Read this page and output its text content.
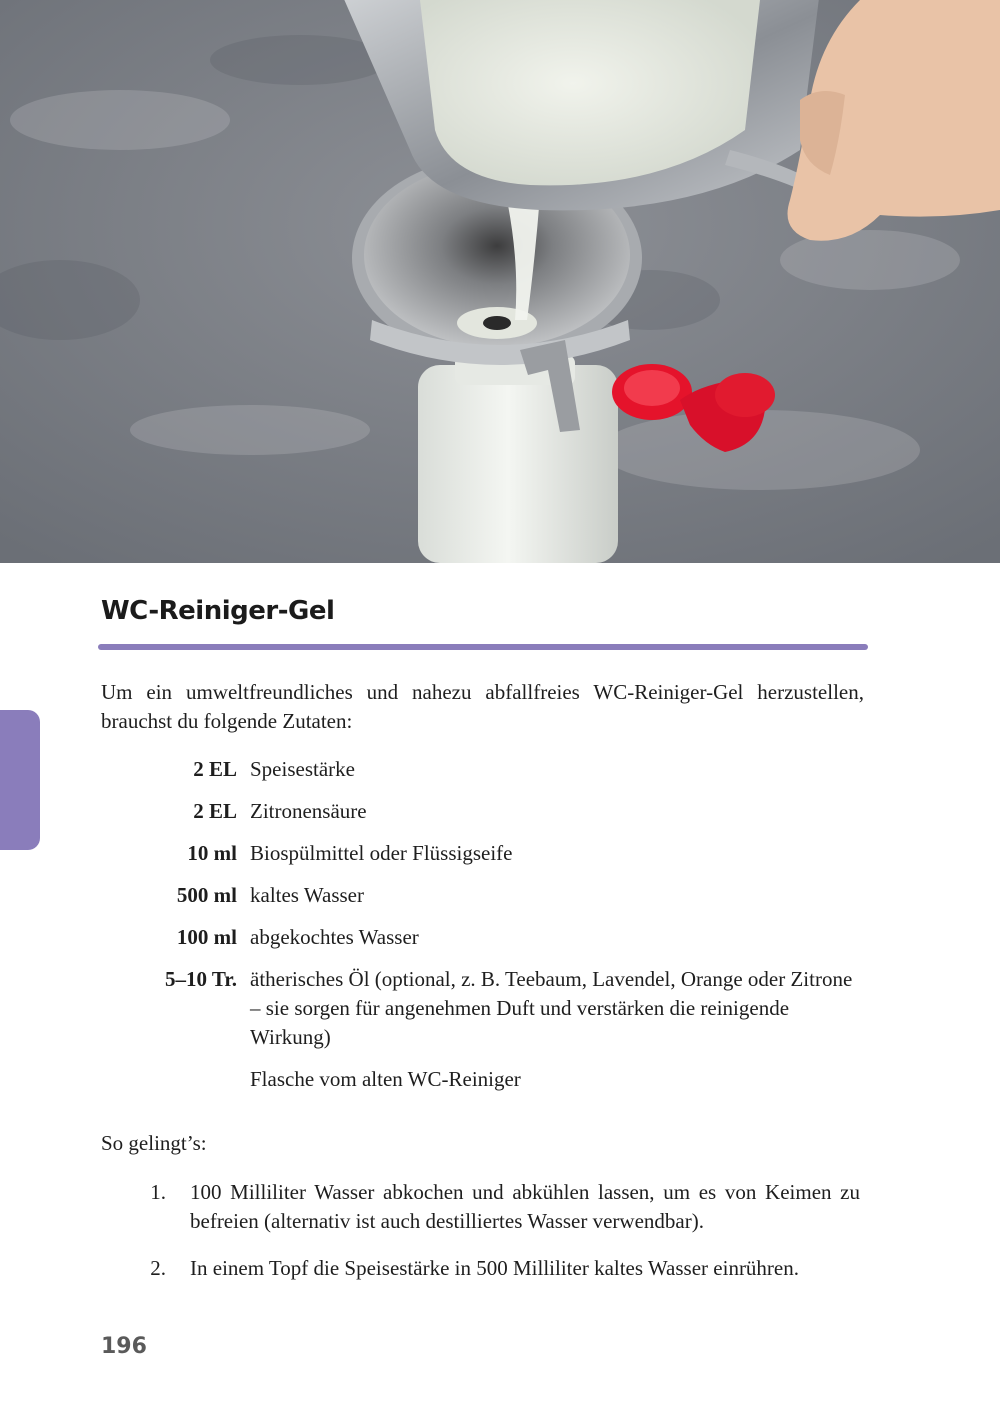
WC-Reiniger-Gel

Um ein umweltfreundliches und nahezu abfallfreies WC-Reiniger-Gel herzustellen, brauchst du folgende Zutaten:

2 EL Speisestärke
2 EL Zitronensäure
10 ml Biospülmittel oder Flüssigseife
500 ml kaltes Wasser
100 ml abgekochtes Wasser
5–10 Tr. ätherisches Öl (optional, z. B. Teebaum, Lavendel, Orange oder Zitrone – sie sorgen für angenehmen Duft und verstärken die reinigende Wirkung)
Flasche vom alten WC-Reiniger

So gelingt’s:

1. 100 Milliliter Wasser abkochen und abkühlen lassen, um es von Keimen zu befreien (alternativ ist auch destilliertes Wasser verwendbar).
2. In einem Topf die Speisestärke in 500 Milliliter kaltes Wasser einrühren.

196
